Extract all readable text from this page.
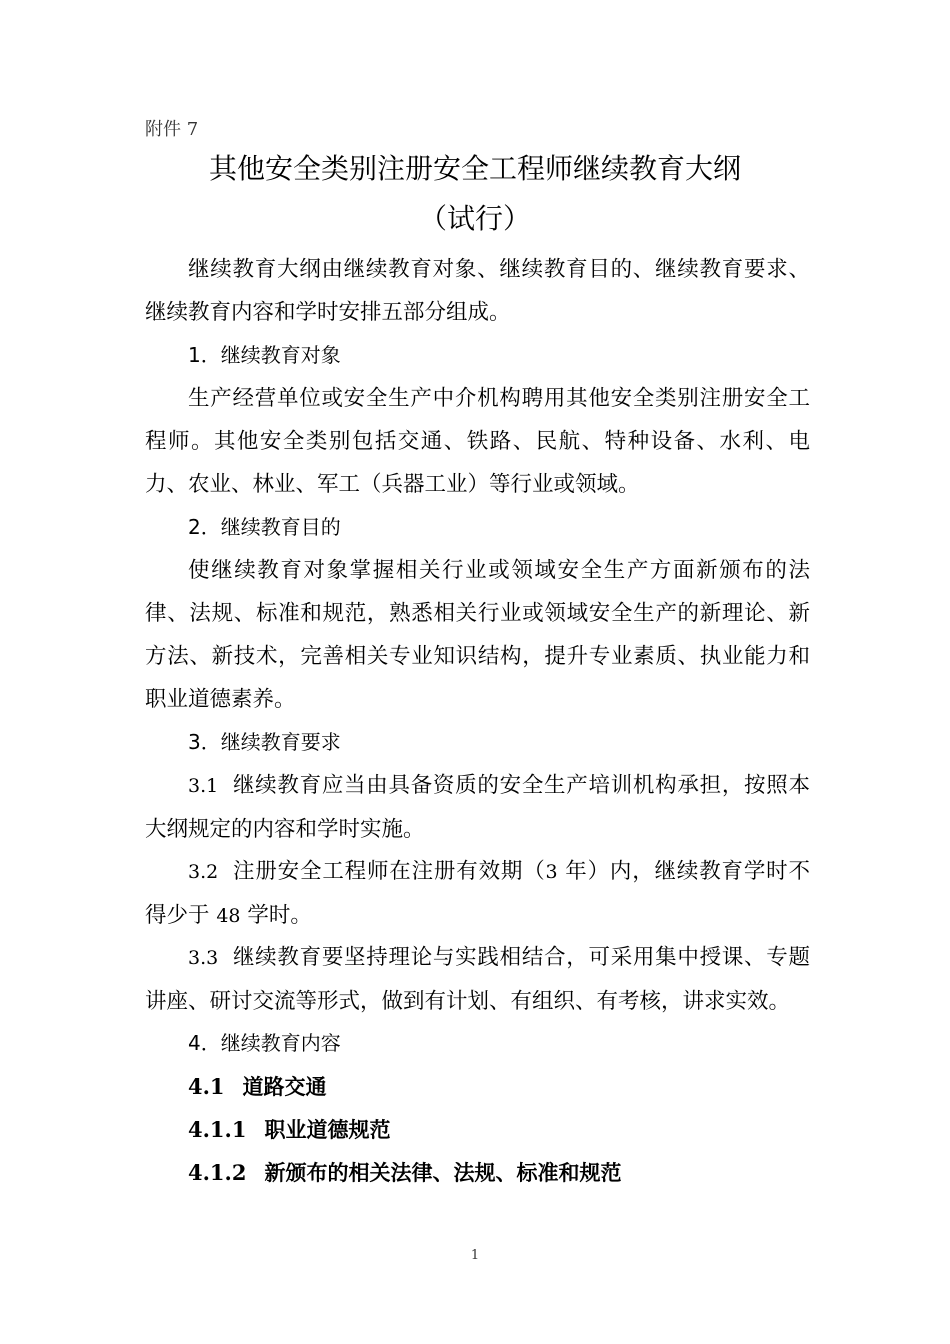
附件 7
其他安全类别注册安全工程师继续教育大纲
（试行）
继续教育大纲由继续教育对象、继续教育目的、继续教育要求、继续教育内容和学时安排五部分组成。
1．继续教育对象
生产经营单位或安全生产中介机构聘用其他安全类别注册安全工程师。其他安全类别包括交通、铁路、民航、特种设备、水利、电力、农业、林业、军工（兵器工业）等行业或领域。
2．继续教育目的
使继续教育对象掌握相关行业或领域安全生产方面新颁布的法律、法规、标准和规范，熟悉相关行业或领域安全生产的新理论、新方法、新技术，完善相关专业知识结构，提升专业素质、执业能力和职业道德素养。
3．继续教育要求
3.1 继续教育应当由具备资质的安全生产培训机构承担，按照本大纲规定的内容和学时实施。
3.2 注册安全工程师在注册有效期（3 年）内，继续教育学时不得少于 48 学时。
3.3 继续教育要坚持理论与实践相结合，可采用集中授课、专题讲座、研讨交流等形式，做到有计划、有组织、有考核，讲求实效。
4．继续教育内容
4.1 道路交通
4.1.1 职业道德规范
4.1.2 新颁布的相关法律、法规、标准和规范
1
